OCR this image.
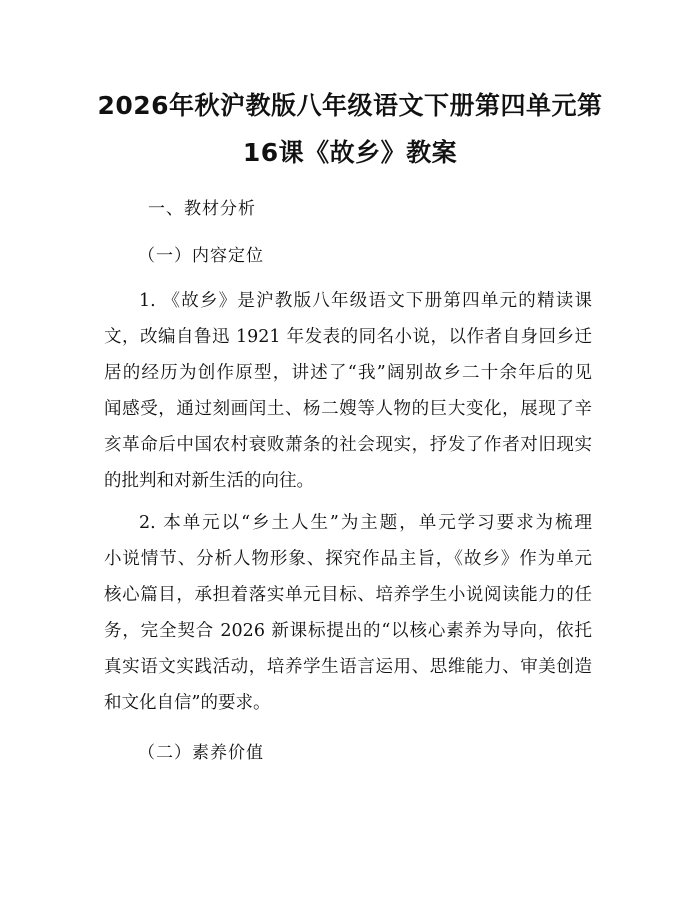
2026年秋沪教版八年级语文下册第四单元第
16课《故乡》教案
一、教材分析
（一）内容定位
1. 《故乡》是沪教版八年级语文下册第四单元的精读课
文，改编自鲁迅 1921 年发表的同名小说，以作者自身回乡迁
居的经历为创作原型，讲述了“我”阔别故乡二十余年后的见
闻感受，通过刻画闰土、杨二嫂等人物的巨大变化，展现了辛
亥革命后中国农村衰败萧条的社会现实，抒发了作者对旧现实
的批判和对新生活的向往。
2. 本单元以“乡土人生”为主题，单元学习要求为梳理
小说情节、分析人物形象、探究作品主旨，《故乡》作为单元
核心篇目，承担着落实单元目标、培养学生小说阅读能力的任
务，完全契合 2026 新课标提出的“以核心素养为导向，依托
真实语文实践活动，培养学生语言运用、思维能力、审美创造
和文化自信”的要求。
（二）素养价值
